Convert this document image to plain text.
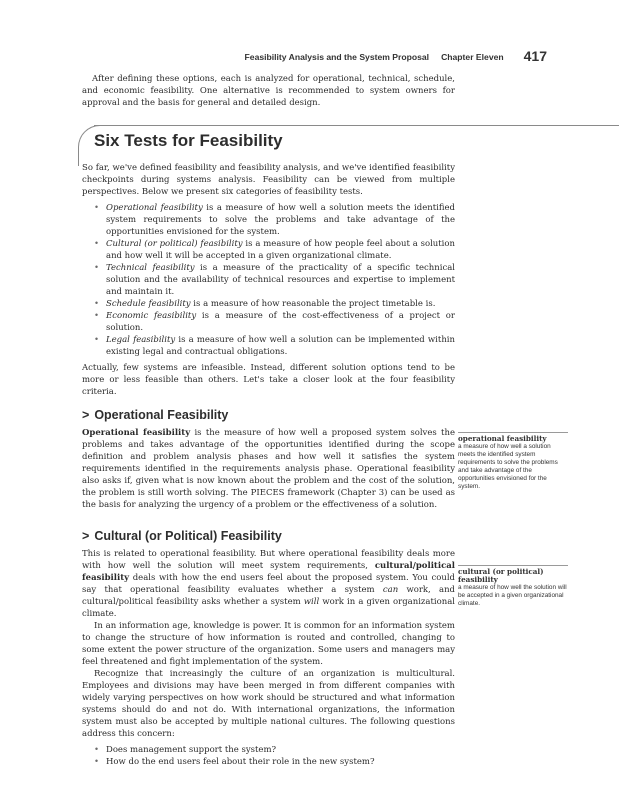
Feasibility Analysis and the System Proposal Chapter Eleven 417

After defining these options, each is analyzed for operational, technical, schedule, and economic feasibility. One alternative is recommended to system owners for approval and the basis for general and detailed design.

Six Tests for Feasibility

So far, we've defined feasibility and feasibility analysis, and we've identified feasibility checkpoints during systems analysis. Feasibility can be viewed from multiple perspectives. Below we present six categories of feasibility tests.

• Operational feasibility is a measure of how well a solution meets the identified system requirements to solve the problems and take advantage of the opportunities envisioned for the system.
• Cultural (or political) feasibility is a measure of how people feel about a solution and how well it will be accepted in a given organizational climate.
• Technical feasibility is a measure of the practicality of a specific technical solution and the availability of technical resources and expertise to implement and maintain it.
• Schedule feasibility is a measure of how reasonable the project timetable is.
• Economic feasibility is a measure of the cost-effectiveness of a project or solution.
• Legal feasibility is a measure of how well a solution can be implemented within existing legal and contractual obligations.

Actually, few systems are infeasible. Instead, different solution options tend to be more or less feasible than others. Let's take a closer look at the four feasibility criteria.

> Operational Feasibility

Operational feasibility is the measure of how well a proposed system solves the problems and takes advantage of the opportunities identified during the scope definition and problem analysis phases and how well it satisfies the system requirements identified in the requirements analysis phase. Operational feasibility also asks if, given what is now known about the problem and the cost of the solution, the problem is still worth solving. The PIECES framework (Chapter 3) can be used as the basis for analyzing the urgency of a problem or the effectiveness of a solution.

> Cultural (or Political) Feasibility

This is related to operational feasibility. But where operational feasibility deals more with how well the solution will meet system requirements, cultural/political feasibility deals with how the end users feel about the proposed system. You could say that operational feasibility evaluates whether a system can work, and cultural/political feasibility asks whether a system will work in a given organizational climate.

In an information age, knowledge is power. It is common for an information system to change the structure of how information is routed and controlled, changing to some extent the power structure of the organization. Some users and managers may feel threatened and fight implementation of the system.

Recognize that increasingly the culture of an organization is multicultural. Employees and divisions may have been merged in from different companies with widely varying perspectives on how work should be structured and what information systems should do and not do. With international organizations, the information system must also be accepted by multiple national cultures. The following questions address this concern:

• Does management support the system?
• How do the end users feel about their role in the new system?
operational feasibility
a measure of how well a solution meets the identified system requirements to solve the problems and take advantage of the opportunities envisioned for the system.
cultural (or political) feasibility
a measure of how well the solution will be accepted in a given organizational climate.
